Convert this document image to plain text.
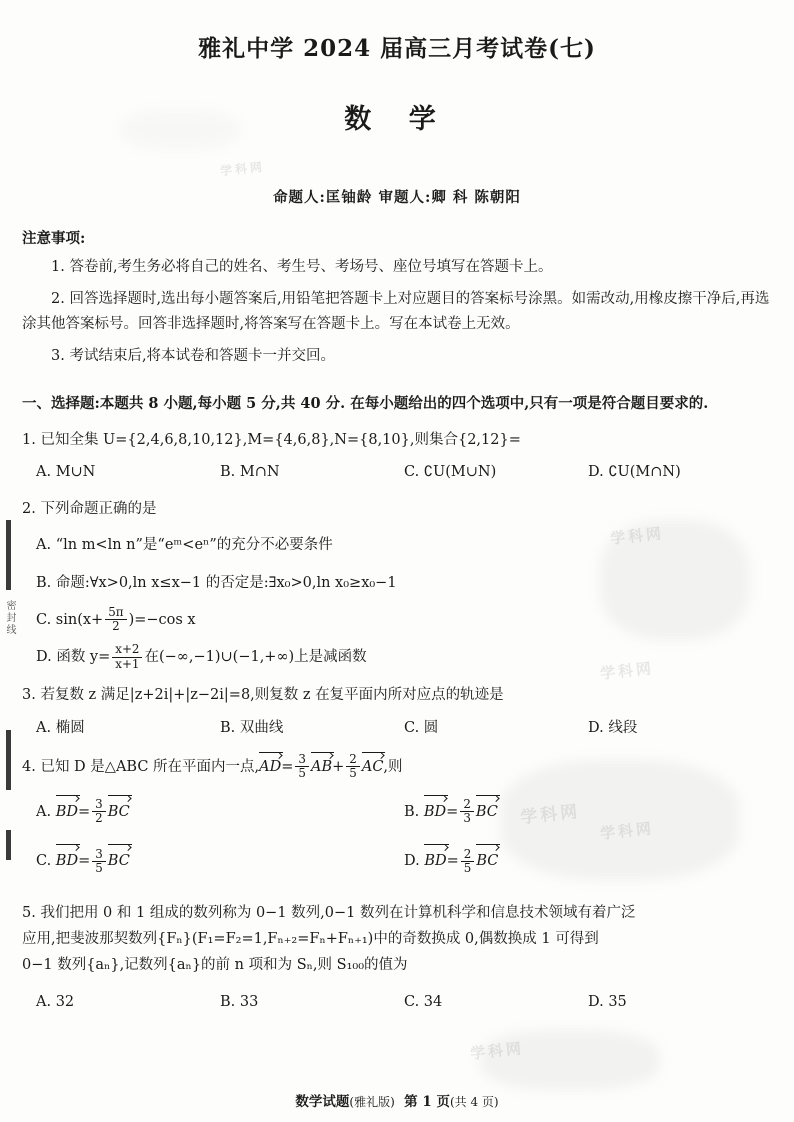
密封线
学科网
学科网
学科网
学科网
学科网
学科网
雅礼中学 2024 届高三月考试卷(七)
数 学
命题人:匡铀龄 审题人:卿 科 陈朝阳
注意事项:
1. 答卷前,考生务必将自己的姓名、考生号、考场号、座位号填写在答题卡上。
2. 回答选择题时,选出每小题答案后,用铅笔把答题卡上对应题目的答案标号涂黑。如需改动,用橡皮擦干净后,再选涂其他答案标号。回答非选择题时,将答案写在答题卡上。写在本试卷上无效。
3. 考试结束后,将本试卷和答题卡一并交回。
一、选择题:本题共 8 小题,每小题 5 分,共 40 分. 在每小题给出的四个选项中,只有一项是符合题目要求的.
1. 已知全集 U={2,4,6,8,10,12},M={4,6,8},N={8,10},则集合{2,12}=
A. M∪N	B. M∩N	C. ∁U(M∪N)	D. ∁U(M∩N)
2. 下列命题正确的是
A. “ln m<ln n”是“eᵐ<eⁿ”的充分不必要条件
B. 命题:∀x>0,ln x≤x−1 的否定是:∃x₀>0,ln x₀≥x₀−1
C. $\sin(x+ \frac{5\pi}{2} )=-\cos$ x
D. 函数 $y= \frac{x+2}{x+1}$ 在(−∞,−1)∪(−1,+∞)上是减函数
3. 若复数 z 满足|z+2i|+|z−2i|=8,则复数 z 在复平面内所对应点的轨迹是
A. 椭圆	B. 双曲线	C. 圆	D. 线段
4. 已知 D 是△ABC 所在平面内一点$,AD= \frac{3}{5} AB+ \frac{2}{5}$ AC,则
A. $BD= \frac{3}{2}$ BC	B. $BD= \frac{2}{3}$ BC
C. $BD= \frac{3}{5}$ BC	D. $BD= \frac{2}{5}$ BC
5. 我们把用 0 和 1 组成的数列称为 0−1 数列,0−1 数列在计算机科学和信息技术领域有着广泛
应用,把斐波那契数列{Fₙ}(F₁=F₂=1,Fₙ₊₂=Fₙ+Fₙ₊₁)中的奇数换成 0,偶数换成 1 可得到
0−1 数列{aₙ},记数列{aₙ}的前 n 项和为 Sₙ,则 S₁₀₀的值为
A. 32	B. 33	C. 34	D. 35
数学试题(雅礼版) 第 1 页(共 4 页)
